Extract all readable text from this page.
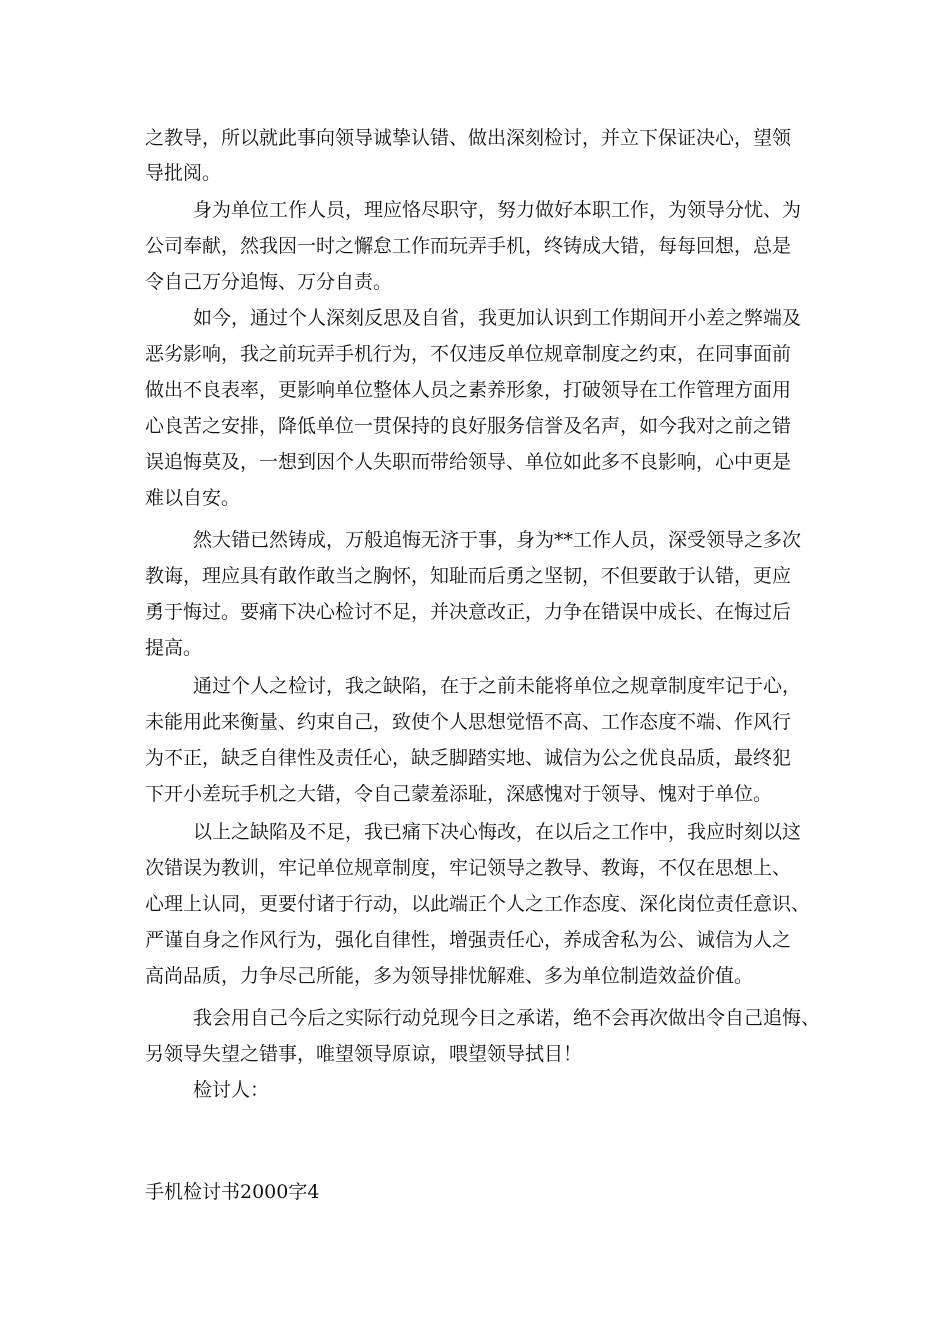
之教导，所以就此事向领导诚挚认错、做出深刻检讨，并立下保证决心，望领
导批阅。
身为单位工作人员，理应恪尽职守，努力做好本职工作，为领导分忧、为
公司奉献，然我因一时之懈怠工作而玩弄手机，终铸成大错，每每回想，总是
令自己万分追悔、万分自责。
如今，通过个人深刻反思及自省，我更加认识到工作期间开小差之弊端及
恶劣影响，我之前玩弄手机行为，不仅违反单位规章制度之约束，在同事面前
做出不良表率，更影响单位整体人员之素养形象，打破领导在工作管理方面用
心良苦之安排，降低单位一贯保持的良好服务信誉及名声，如今我对之前之错
误追悔莫及，一想到因个人失职而带给领导、单位如此多不良影响，心中更是
难以自安。
然大错已然铸成，万般追悔无济于事，身为**工作人员，深受领导之多次
教诲，理应具有敢作敢当之胸怀，知耻而后勇之坚韧，不但要敢于认错，更应
勇于悔过。要痛下决心检讨不足，并决意改正，力争在错误中成长、在悔过后
提高。
通过个人之检讨，我之缺陷，在于之前未能将单位之规章制度牢记于心，
未能用此来衡量、约束自己，致使个人思想觉悟不高、工作态度不端、作风行
为不正，缺乏自律性及责任心，缺乏脚踏实地、诚信为公之优良品质，最终犯
下开小差玩手机之大错，令自己蒙羞添耻，深感愧对于领导、愧对于单位。
以上之缺陷及不足，我已痛下决心悔改，在以后之工作中，我应时刻以这
次错误为教训，牢记单位规章制度，牢记领导之教导、教诲，不仅在思想上、
心理上认同，更要付诸于行动，以此端正个人之工作态度、深化岗位责任意识、
严谨自身之作风行为，强化自律性，增强责任心，养成舍私为公、诚信为人之
高尚品质，力争尽己所能，多为领导排忧解难、多为单位制造效益价值。
我会用自己今后之实际行动兑现今日之承诺，绝不会再次做出令自己追悔、
另领导失望之错事，唯望领导原谅，喂望领导拭目！
检讨人：
手机检讨书2000字4
